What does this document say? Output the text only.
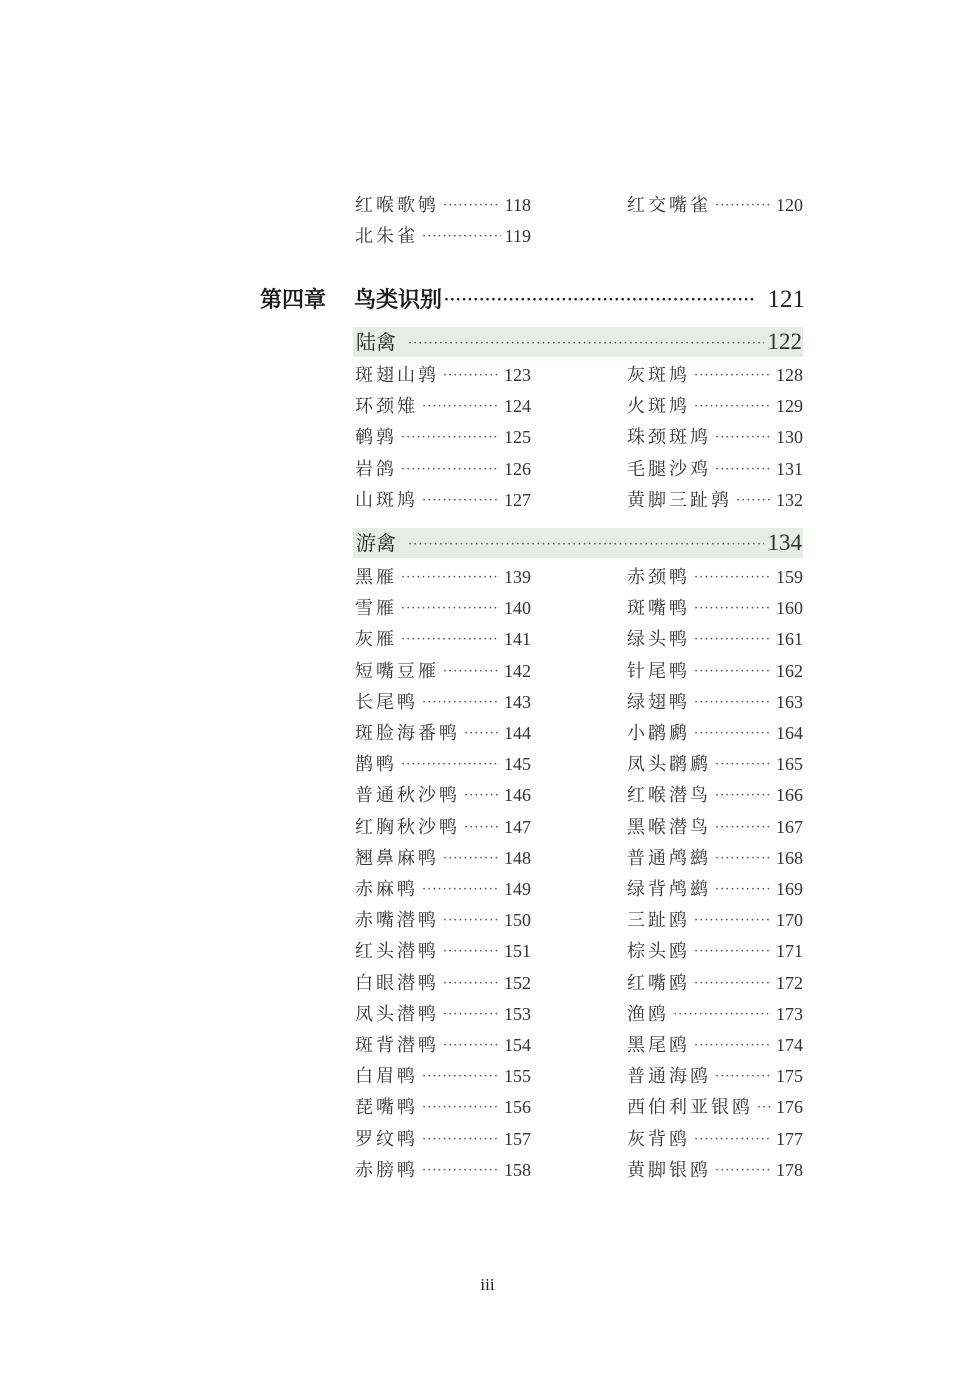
红喉歌鸲 ·····	118
北朱雀 ·····	119
红交嘴雀 ·····	120
第四章	鸟类识别 ·····	121
陆禽 ·····	122
斑翅山鹑 ·····	123
环颈雉 ·····	124
鹌鹑 ·····	125
岩鸽 ·····	126
山斑鸠 ·····	127
灰斑鸠 ·····	128
火斑鸠 ·····	129
珠颈斑鸠 ·····	130
毛腿沙鸡 ·····	131
黄脚三趾鹑 ····· 132
游禽 ·····	134
黑雁 ·····	139
雪雁 ·····	140
灰雁 ·····	141
短嘴豆雁 ·····	142
长尾鸭 ·····	143
斑脸海番鸭 ····· 144
鹊鸭 ·····	145
普通秋沙鸭 ····· 146
红胸秋沙鸭 ····· 147
翘鼻麻鸭 ·····	148
赤麻鸭 ·····	149
赤嘴潜鸭 ·····	150
红头潜鸭 ·····	151
白眼潜鸭 ·····	152
凤头潜鸭 ·····	153
斑背潜鸭 ·····	154
白眉鸭 ·····	155
琵嘴鸭 ·····	156
罗纹鸭 ·····	157
赤膀鸭 ·····	158
赤颈鸭 ·····	159
斑嘴鸭 ·····	160
绿头鸭 ·····	161
针尾鸭 ·····	162
绿翅鸭 ·····	163
小䴙䴘 ·····	164
凤头䴙䴘 ·····	165
红喉潜鸟 ·····	166
黑喉潜鸟 ·····	167
普通鸬鹚 ·····	168
绿背鸬鹚 ·····	169
三趾鸥 ·····	170
棕头鸥 ·····	171
红嘴鸥 ·····	172
渔鸥 ·····	173
黑尾鸥 ·····	174
普通海鸥 ·····	175
西伯利亚银鸥 ····· 176
灰背鸥 ·····	177
黄脚银鸥 ·····	178
iii
